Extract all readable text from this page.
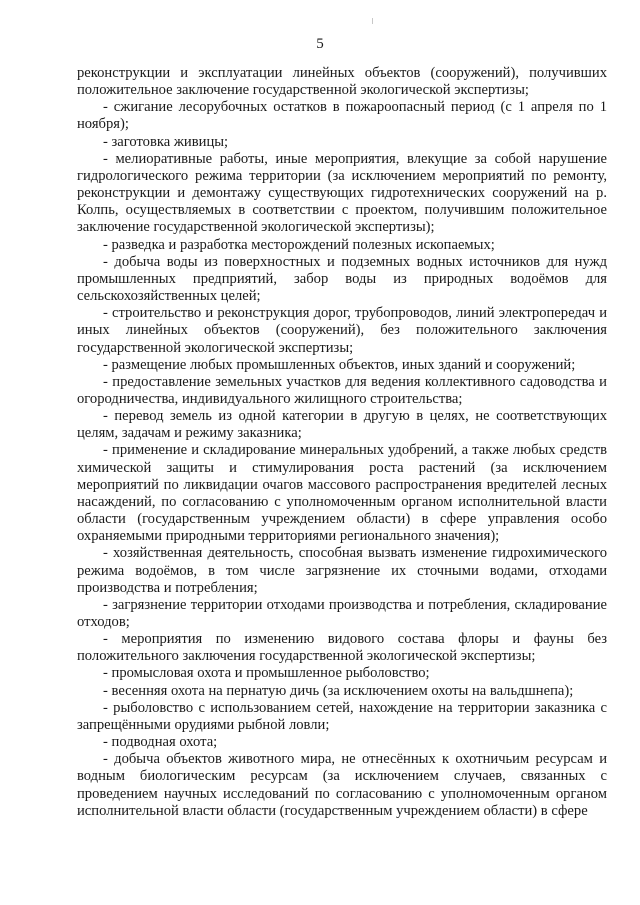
5

реконструкции и эксплуатации линейных объектов (сооружений), получивших положительное заключение государственной экологической экспертизы;

- сжигание лесорубочных остатков в пожароопасный период (с 1 апреля по 1 ноября);

- заготовка живицы;

- мелиоративные работы, иные мероприятия, влекущие за собой нарушение гидрологического режима территории (за исключением мероприятий по ремонту, реконструкции и демонтажу существующих гидротехнических сооружений на р. Колпь, осуществляемых в соответствии с проектом, получившим положительное заключение государственной экологической экспертизы);

- разведка и разработка месторождений полезных ископаемых;

- добыча воды из поверхностных и подземных водных источников для нужд промышленных предприятий, забор воды из природных водоёмов для сельскохозяйственных целей;

- строительство и реконструкция дорог, трубопроводов, линий электропередач и иных линейных объектов (сооружений), без положительного заключения государственной экологической экспертизы;

- размещение любых промышленных объектов, иных зданий и сооружений;

- предоставление земельных участков для ведения коллективного садоводства и огородничества, индивидуального жилищного строительства;

- перевод земель из одной категории в другую в целях, не соответствующих целям, задачам и режиму заказника;

- применение и складирование минеральных удобрений, а также любых средств химической защиты и стимулирования роста растений (за исключением мероприятий по ликвидации очагов массового распространения вредителей лесных насаждений, по согласованию с уполномоченным органом исполнительной власти области (государственным учреждением области) в сфере управления особо охраняемыми природными территориями регионального значения);

- хозяйственная деятельность, способная вызвать изменение гидрохимического режима водоёмов, в том числе загрязнение их сточными водами, отходами производства и потребления;

- загрязнение территории отходами производства и потребления, складирование отходов;

- мероприятия по изменению видового состава флоры и фауны без положительного заключения государственной экологической экспертизы;

- промысловая охота и промышленное рыболовство;

- весенняя охота на пернатую дичь (за исключением охоты на вальдшнепа);

- рыболовство с использованием сетей, нахождение на территории заказника с запрещёнными орудиями рыбной ловли;

- подводная охота;

- добыча объектов животного мира, не отнесённых к охотничьим ресурсам и водным биологическим ресурсам (за исключением случаев, связанных с проведением научных исследований по согласованию с уполномоченным органом исполнительной власти области (государственным учреждением области) в сфере
